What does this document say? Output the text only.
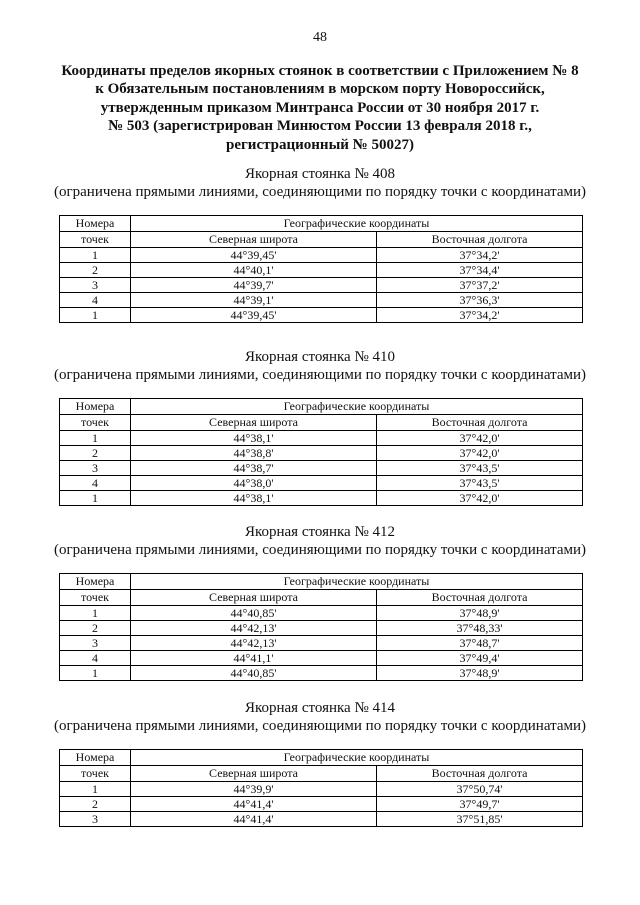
48
Координаты пределов якорных стоянок в соответствии с Приложением № 8
к Обязательным постановлениям в морском порту Новороссийск,
утвержденным приказом Минтранса России от 30 ноября 2017 г.
№ 503 (зарегистрирован Минюстом России 13 февраля 2018 г.,
регистрационный № 50027)
Якорная стоянка № 408
(ограничена прямыми линиями, соединяющими по порядку точки с координатами)
Номера	Географические координаты	
точек	Северная широта	Восточная долгота
1	44°39,45'	37°34,2'
2	44°40,1'	37°34,4'
3	44°39,7'	37°37,2'
4	44°39,1'	37°36,3'
1	44°39,45'	37°34,2'
Якорная стоянка № 410
(ограничена прямыми линиями, соединяющими по порядку точки с координатами)
Номера	Географические координаты	
точек	Северная широта	Восточная долгота
1	44°38,1'	37°42,0'
2	44°38,8'	37°42,0'
3	44°38,7'	37°43,5'
4	44°38,0'	37°43,5'
1	44°38,1'	37°42,0'
Якорная стоянка № 412
(ограничена прямыми линиями, соединяющими по порядку точки с координатами)
Номера	Географические координаты	
точек	Северная широта	Восточная долгота
1	44°40,85'	37°48,9'
2	44°42,13'	37°48,33'
3	44°42,13'	37°48,7'
4	44°41,1'	37°49,4'
1	44°40,85'	37°48,9'
Якорная стоянка № 414
(ограничена прямыми линиями, соединяющими по порядку точки с координатами)
Номера	Географические координаты	
точек	Северная широта	Восточная долгота
1	44°39,9'	37°50,74'
2	44°41,4'	37°49,7'
3	44°41,4'	37°51,85'
